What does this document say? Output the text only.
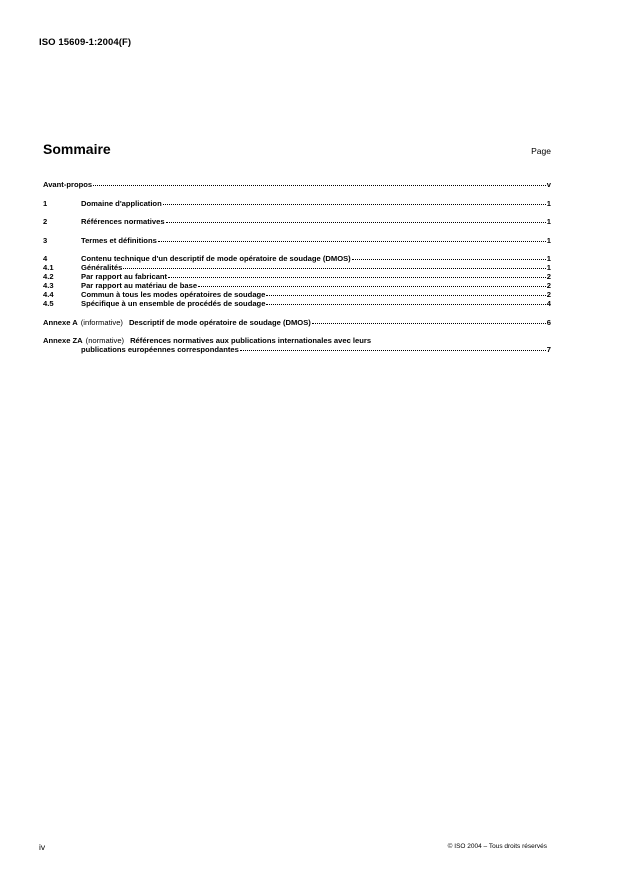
ISO 15609-1:2004(F)
Sommaire	Page
Avant-propos	v
1	Domaine d'application	1
2	Références normatives	1
3	Termes et définitions	1
4	Contenu technique d'un descriptif de mode opératoire de soudage (DMOS)	1
4.1	Généralités	1
4.2	Par rapport au fabricant	2
4.3	Par rapport au matériau de base	2
4.4	Commun à tous les modes opératoires de soudage	2
4.5	Spécifique à un ensemble de procédés de soudage	4
Annexe A (informative) Descriptif de mode opératoire de soudage (DMOS)	6
Annexe ZA (normative) Références normatives aux publications internationales avec leurs
publications européennes correspondantes	7
iv	© ISO 2004 – Tous droits réservés
